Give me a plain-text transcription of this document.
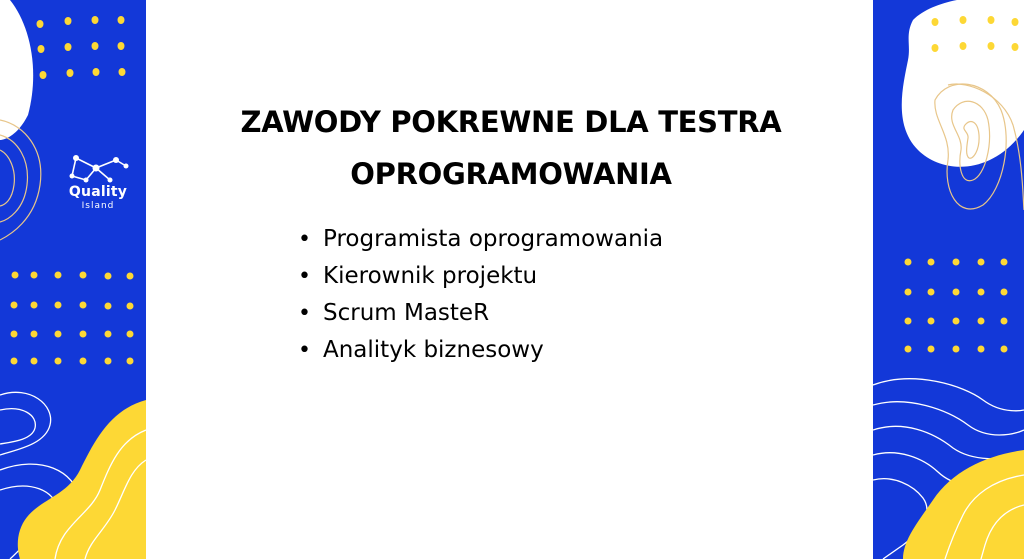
Quality
Island
ZAWODY POKREWNE DLA TESTRA
OPROGRAMOWANIA
• Programista oprogramowania
• Kierownik projektu
• Scrum MasteR
• Analityk biznesowy
